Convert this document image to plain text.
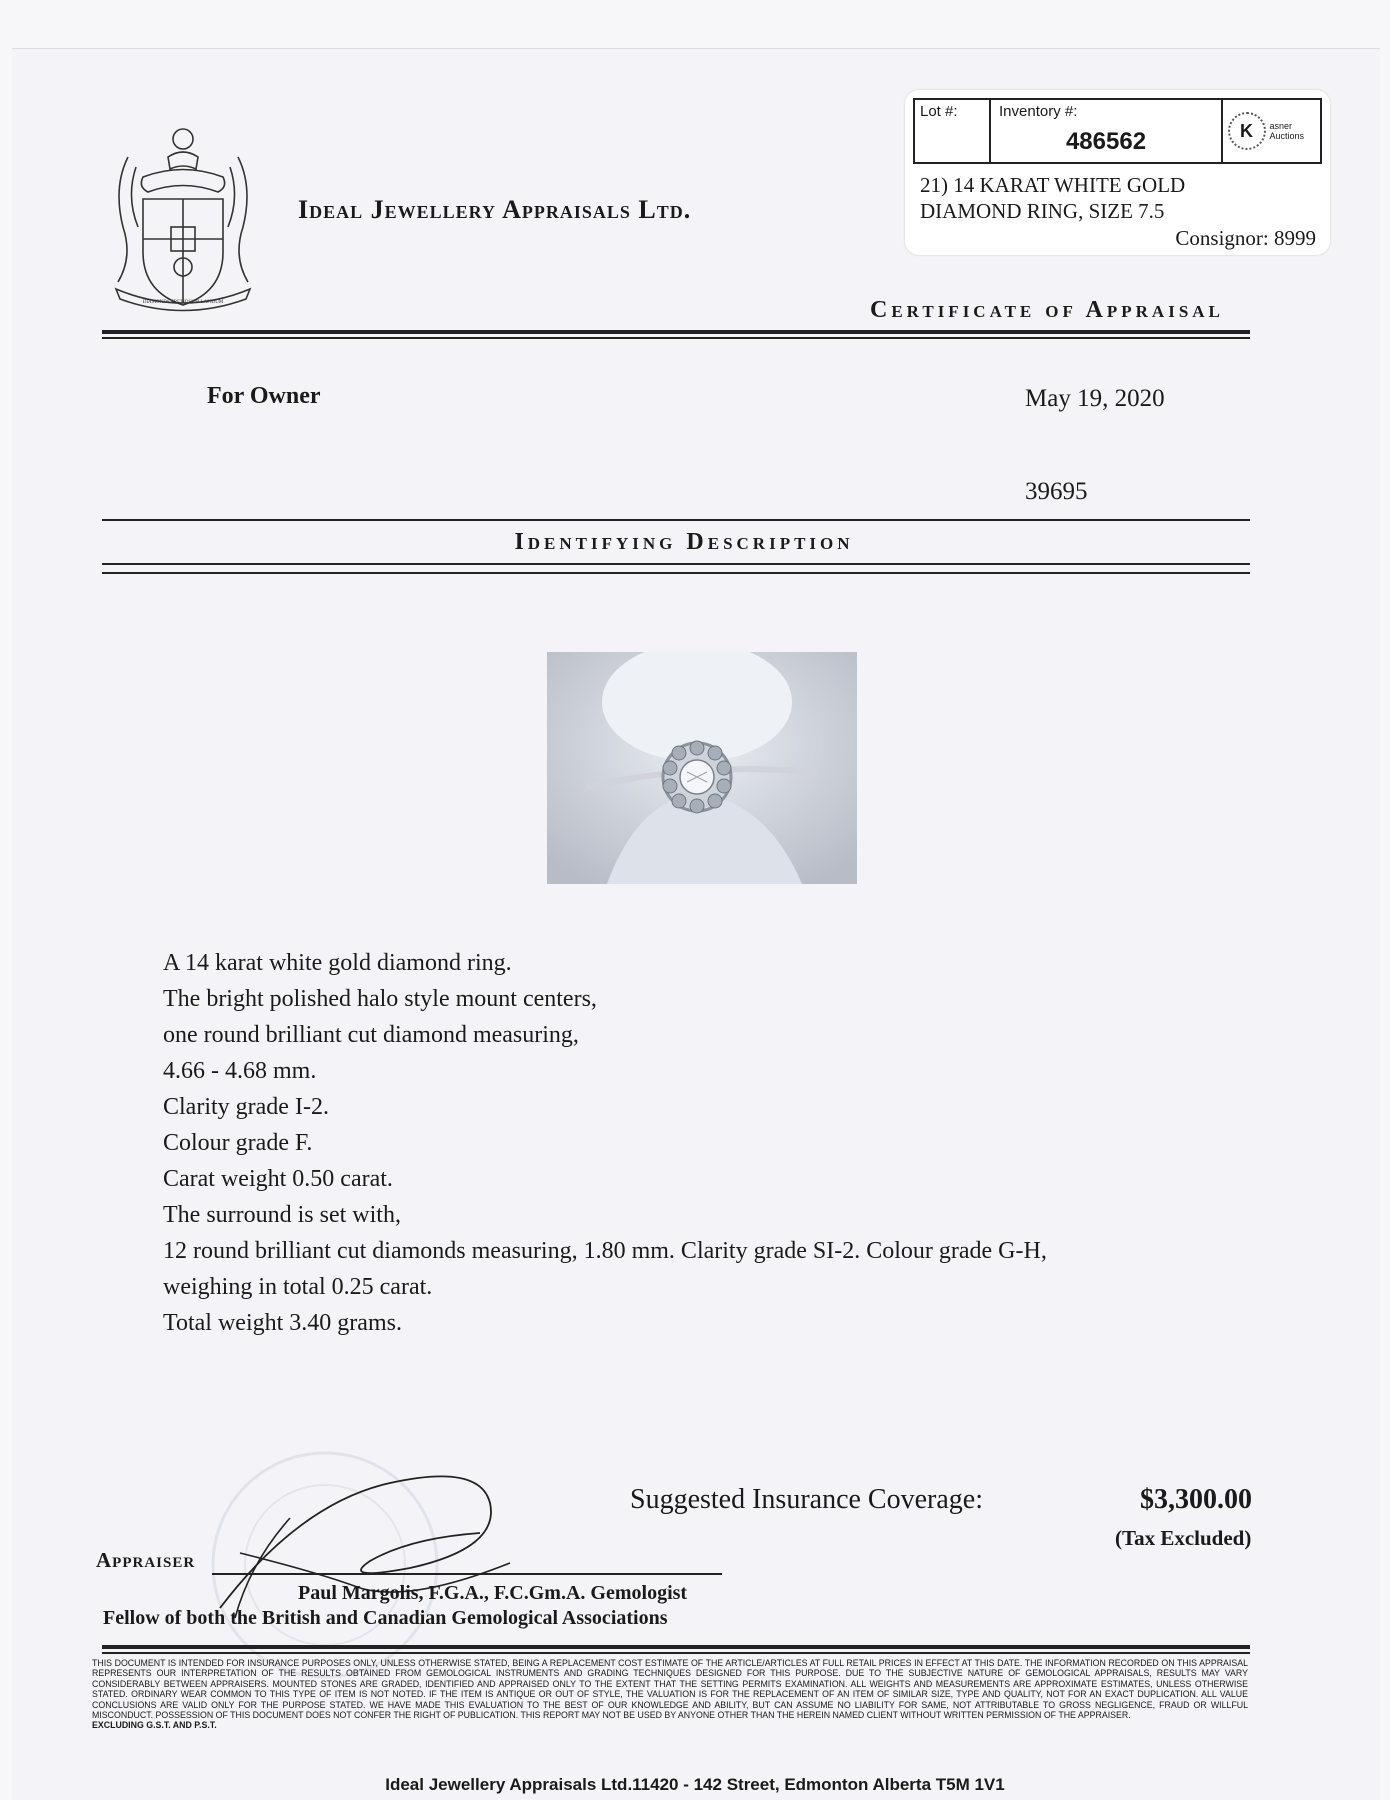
DIAMONDS PRETIOSUM LAPIDUM
Ideal Jewellery Appraisals Ltd.
Lot #:	Inventory #:
486562	K	asner
Auctions
21) 14 KARAT WHITE GOLD
DIAMOND RING, SIZE 7.5
Consignor: 8999
Certificate of Appraisal
For Owner	May 19, 2020
39695
Identifying Description
A 14 karat white gold diamond ring.
The bright polished halo style mount centers,
one round brilliant cut diamond measuring,
4.66 - 4.68 mm.
Clarity grade I-2.
Colour grade F.
Carat weight 0.50 carat.
The surround is set with,
12 round brilliant cut diamonds measuring, 1.80 mm. Clarity grade SI-2. Colour grade G-H,
weighing in total 0.25 carat.
Total weight 3.40 grams.
Suggested Insurance Coverage:	$3,300.00
(Tax Excluded)
Appraiser
Paul Margolis, F.G.A., F.C.Gm.A. Gemologist
Fellow of both the British and Canadian Gemological Associations
THIS DOCUMENT IS INTENDED FOR INSURANCE PURPOSES ONLY, UNLESS OTHERWISE STATED, BEING A REPLACEMENT COST ESTIMATE OF THE ARTICLE/ARTICLES AT FULL RETAIL PRICES IN EFFECT AT THIS DATE. THE INFORMATION RECORDED ON THIS APPRAISAL REPRESENTS OUR INTERPRETATION OF THE RESULTS OBTAINED FROM GEMOLOGICAL INSTRUMENTS AND GRADING TECHNIQUES DESIGNED FOR THIS PURPOSE. DUE TO THE SUBJECTIVE NATURE OF GEMOLOGICAL APPRAISALS, RESULTS MAY VARY CONSIDERABLY BETWEEN APPRAISERS. MOUNTED STONES ARE GRADED, IDENTIFIED AND APPRAISED ONLY TO THE EXTENT THAT THE SETTING PERMITS EXAMINATION. ALL WEIGHTS AND MEASUREMENTS ARE APPROXIMATE ESTIMATES, UNLESS OTHERWISE STATED. ORDINARY WEAR COMMON TO THIS TYPE OF ITEM IS NOT NOTED. IF THE ITEM IS ANTIQUE OR OUT OF STYLE, THE VALUATION IS FOR THE REPLACEMENT OF AN ITEM OF SIMILAR SIZE, TYPE AND QUALITY, NOT FOR AN EXACT DUPLICATION. ALL VALUE CONCLUSIONS ARE VALID ONLY FOR THE PURPOSE STATED. WE HAVE MADE THIS EVALUATION TO THE BEST OF OUR KNOWLEDGE AND ABILITY, BUT CAN ASSUME NO LIABILITY FOR SAME, NOT ATTRIBUTABLE TO GROSS NEGLIGENCE, FRAUD OR WILLFUL MISCONDUCT. POSSESSION OF THIS DOCUMENT DOES NOT CONFER THE RIGHT OF PUBLICATION. THIS REPORT MAY NOT BE USED BY ANYONE OTHER THAN THE HEREIN NAMED CLIENT WITHOUT WRITTEN PERMISSION OF THE APPRAISER.
EXCLUDING G.S.T. AND P.S.T.
Ideal Jewellery Appraisals Ltd.11420 - 142 Street, Edmonton Alberta T5M 1V1
